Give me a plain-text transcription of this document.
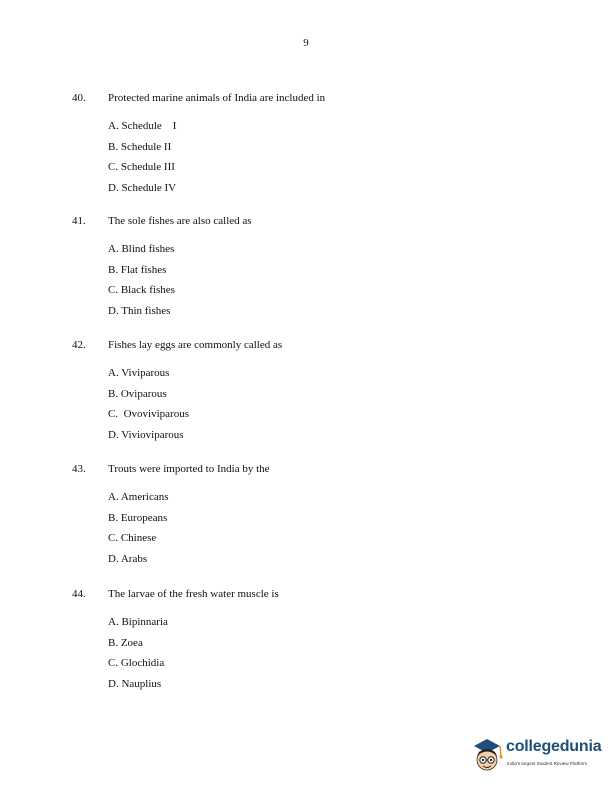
9
40. Protected marine animals of India are included in
A. Schedule    I
B. Schedule II
C. Schedule III
D. Schedule IV
41. The sole fishes are also called as
A. Blind fishes
B. Flat fishes
C. Black fishes
D. Thin fishes
42. Fishes lay eggs are commonly called as
A. Viviparous
B. Oviparous
C.  Ovoviviparous
D. Vivioviparous
43. Trouts were imported to India by the
A. Americans
B. Europeans
C. Chinese
D. Arabs
44. The larvae of the fresh water muscle is
A. Bipinnaria
B. Zoea
C. Glochidia
D. Nauplius
collegedunia
India's largest Student Review Platform
